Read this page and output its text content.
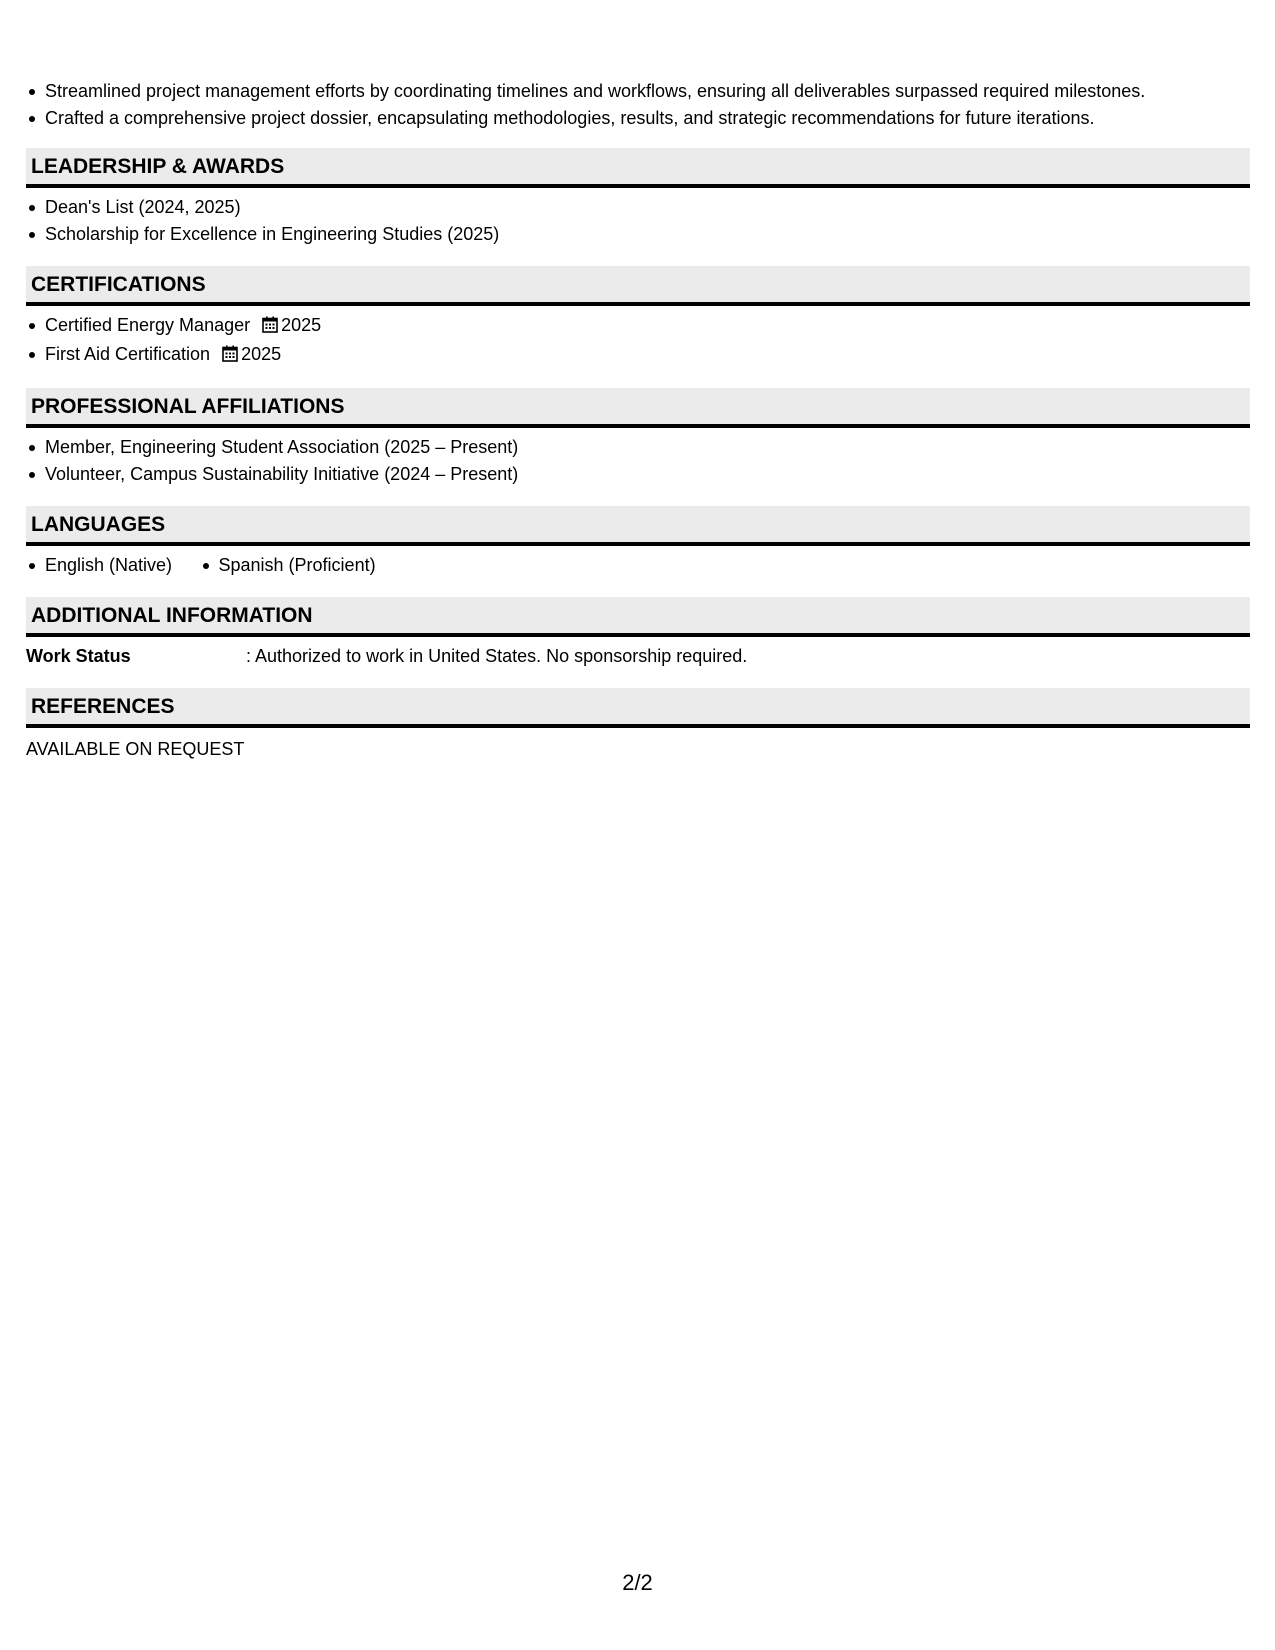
Streamlined project management efforts by coordinating timelines and workflows, ensuring all deliverables surpassed required milestones.
Crafted a comprehensive project dossier, encapsulating methodologies, results, and strategic recommendations for future iterations.
LEADERSHIP & AWARDS
Dean's List (2024, 2025)
Scholarship for Excellence in Engineering Studies (2025)
CERTIFICATIONS
Certified Energy Manager 2025
First Aid Certification 2025
PROFESSIONAL AFFILIATIONS
Member, Engineering Student Association (2025 – Present)
Volunteer, Campus Sustainability Initiative (2024 – Present)
LANGUAGES
English (Native)	Spanish (Proficient)
ADDITIONAL INFORMATION
Work Status	: Authorized to work in United States. No sponsorship required.
REFERENCES
AVAILABLE ON REQUEST
2/2
